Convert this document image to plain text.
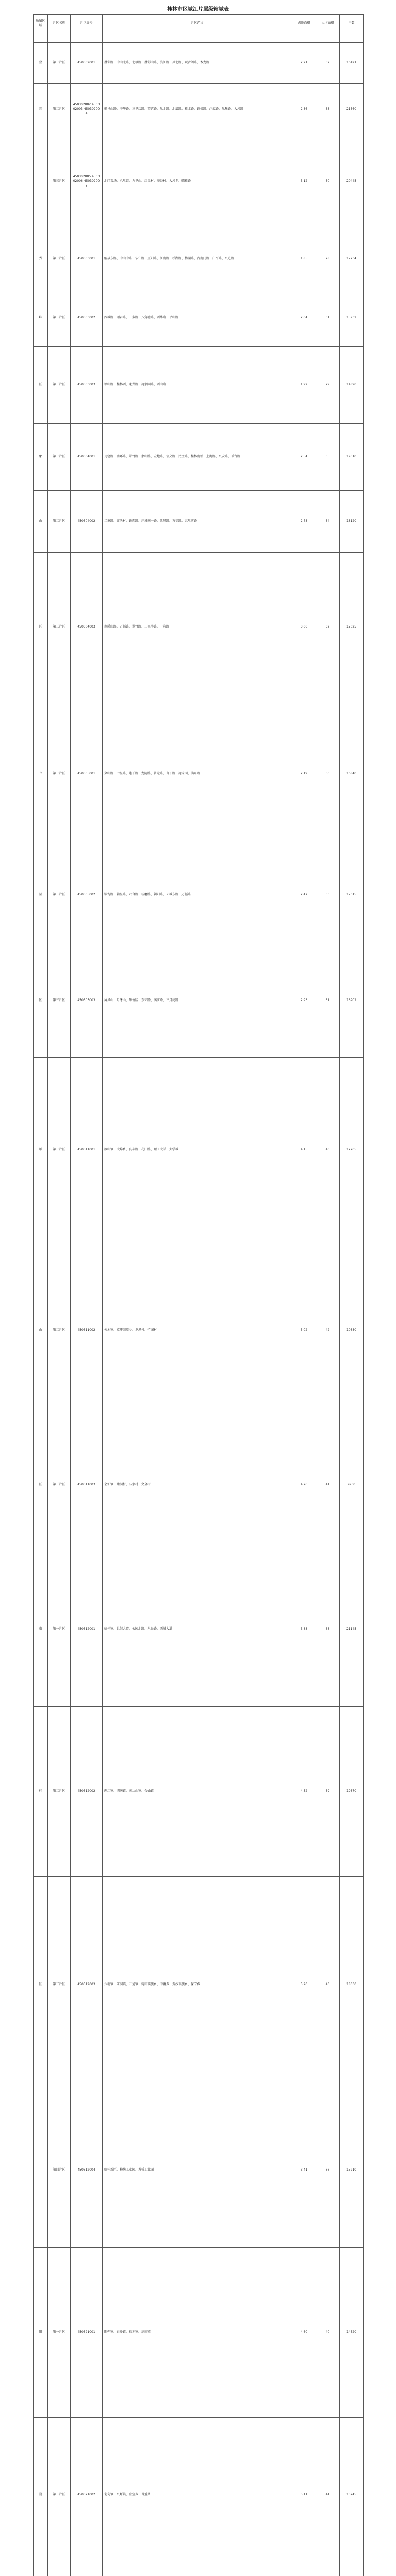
桂林市区域江片层级辖域表
所属区域	片区名称	片区编号	片区范围	占地面积	人均面积	户数

叠	第一片区	450302001	叠彩路、中山北路、北极路、叠彩山路、滨江路、凤北路、观音阁路、木龙路	2.21	32	16421
彩	第二片区	450302002 450302003 450302004	骝马山路、中华路、三里店路、芙蓉路、凤北路、北辰路、桂北路、铁佛路、翊武路、凤集路、大河路	2.86	33	21560
	第三片区	450302005 450302006 450302007	北门菜场、八里街、九里山、红星村、潜经村、大河乡、临桂路	3.12	30	20445
秀	第一片区	450303001	解放东路、中山中路、依仁路、正阳路、江南路、杉湖路、榕湖路、古南门路、广平路、兴进路	1.85	28	17234
峰	第二片区	450303002	西城路、丽君路、三多路、八角塘路、西华路、平山路	2.04	31	15932
区	第三片区	450303003	甲山路、桂林西、龙井路、施家园路、西山路	1.92	29	14890
象	第一片区	450304001	瓦窑路、南环路、翠竹路、象山路、宏地路、信义路、民主路、桂林南站、上海路、兴安路、瑶台路	2.54	35	19310
山	第二片区	450304002	二塘路、渡头村、铁西路、环城南一路、凯风路、万福路、五里店路	2.78	34	18120
区	第三片区	450304003	南溪山路、万福路、翠竹路、二里半路、一院路	3.06	32	17025
七	第一片区	450305001	穿山路、七星路、建干路、龙隐路、普陀路、育才路、施家园、漓东路	2.19	30	16840
星	第二片区	450305002	骖鸾路、辅星路、六合路、桂磨路、朝阳路、环城东路、万福路	2.47	33	17615
区	第三片区	450305003	屏风山、月牙山、华侨区、东环路、漓江路、三月亮路	2.93	31	16902
雁	第一片区	450311001	雁山镇、大埠乡、良丰路、花江路、理工大学、大学城	4.15	40	12205
山	第二片区	450311002	柘木镇、草坪回族乡、龙潭村、竹园村	5.02	42	10880
区	第三片区	450311003	会仙镇、睦洞村、冯家村、文全村	4.76	41	9960
临	第一片区	450312001	临桂镇、世纪大道、公园北路、人民路、西城大道	3.88	38	21145
桂	第二片区	450312002	两江镇、四塘镇、南边山镇、会仙镇	4.52	39	19870
区	第三片区	450312003	六塘镇、茶洞镇、五通镇、宛田瑶族乡、中庸乡、黄沙瑶族乡、保宁乡	5.20	43	18630
	第四片区	450312004	临桂新区、秧塘工业园、苏桥工业园	3.41	36	15210
阳	第一片区	450321001	阳朔镇、白沙镇、福利镇、高田镇	4.60	40	14520
朔	第二片区	450321002	葡萄镇、兴坪镇、金宝乡、普益乡	5.11	44	13245
